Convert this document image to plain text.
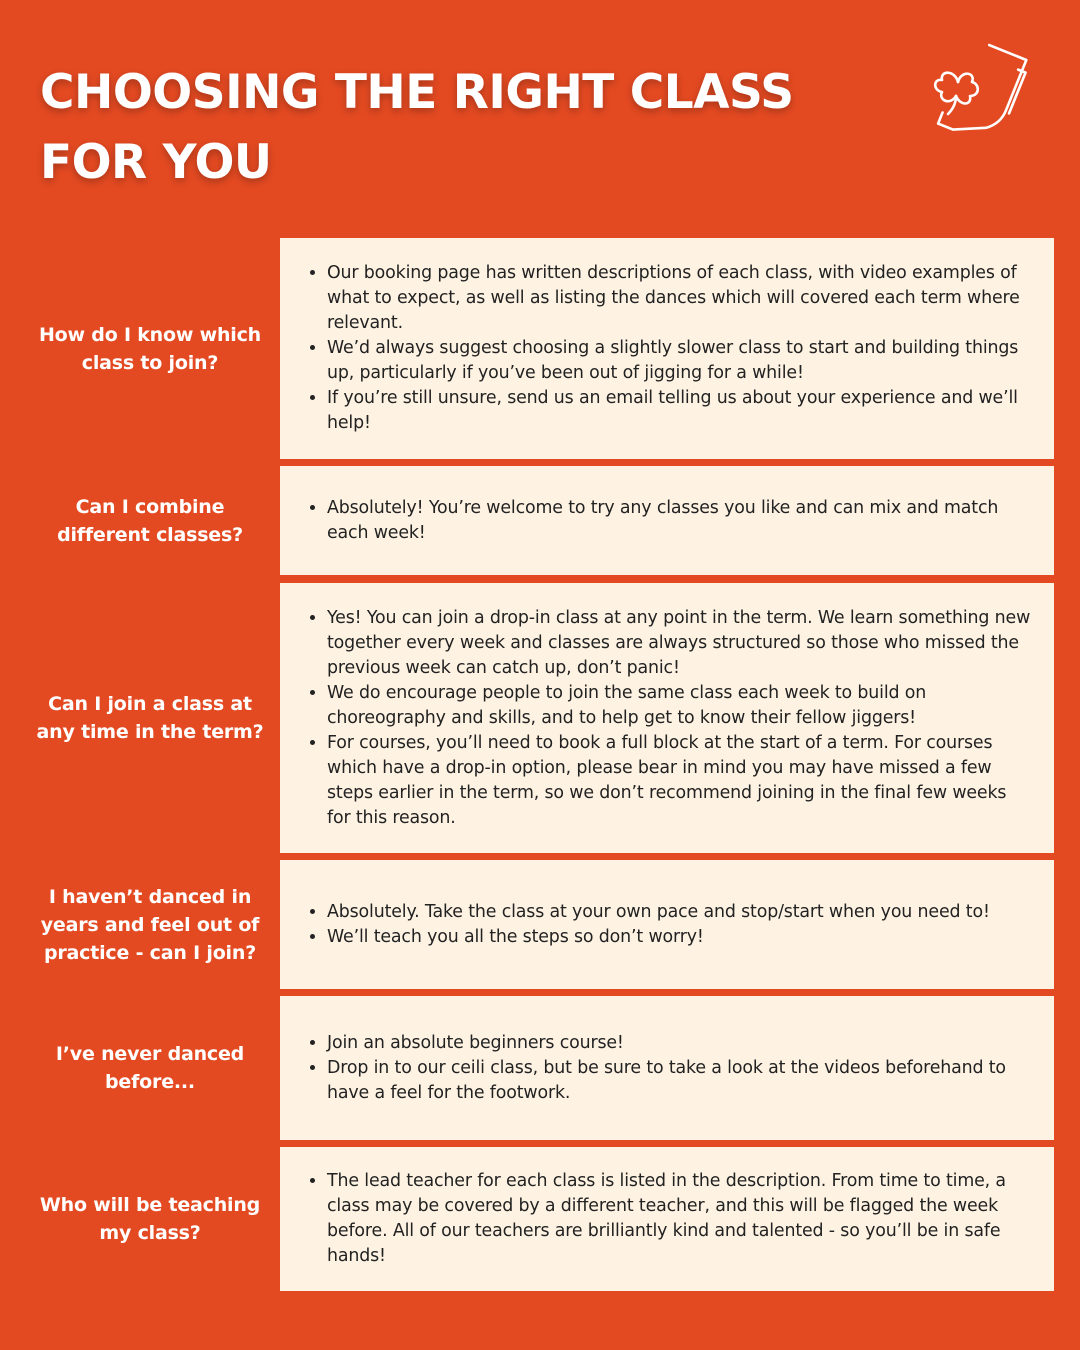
CHOOSING THE RIGHT CLASS
FOR YOU
How do I know which class to join?
• Our booking page has written descriptions of each class, with video examples of what to expect, as well as listing the dances which will covered each term where relevant.
• We’d always suggest choosing a slightly slower class to start and building things up, particularly if you’ve been out of jigging for a while!
• If you’re still unsure, send us an email telling us about your experience and we’ll help!
Can I combine different classes?
• Absolutely! You’re welcome to try any classes you like and can mix and match each week!
Can I join a class at any time in the term?
• Yes! You can join a drop-in class at any point in the term. We learn something new together every week and classes are always structured so those who missed the previous week can catch up, don’t panic!
• We do encourage people to join the same class each week to build on choreography and skills, and to help get to know their fellow jiggers!
• For courses, you’ll need to book a full block at the start of a term. For courses which have a drop-in option, please bear in mind you may have missed a few steps earlier in the term, so we don’t recommend joining in the final few weeks for this reason.
I haven’t danced in years and feel out of practice - can I join?
• Absolutely. Take the class at your own pace and stop/start when you need to!
• We’ll teach you all the steps so don’t worry!
I’ve never danced before...
• Join an absolute beginners course!
• Drop in to our ceili class, but be sure to take a look at the videos beforehand to have a feel for the footwork.
Who will be teaching my class?
• The lead teacher for each class is listed in the description. From time to time, a class may be covered by a different teacher, and this will be flagged the week before. All of our teachers are brilliantly kind and talented - so you’ll be in safe hands!
